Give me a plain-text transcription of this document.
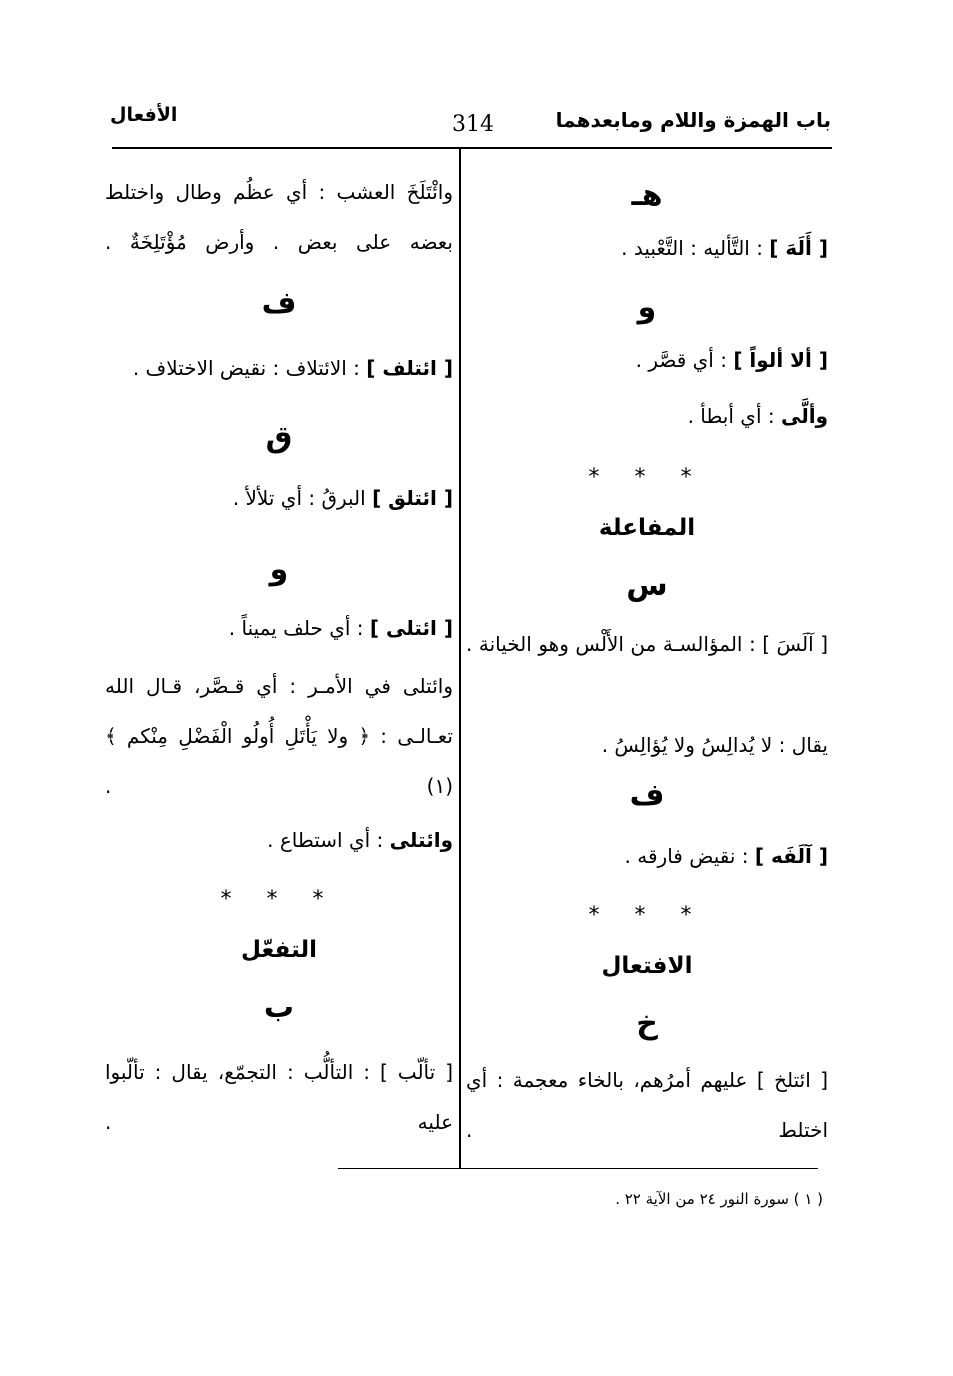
باب الهمزة واللام ومابعدهما
314
الأفعال
هـ
[ أَلَهَ ] : التَّأليه : التَّعْبيد .
و
[ ألا ألواً ] : أي قصَّر .
وألَّى : أي أبطأ .
* * *
المفاعلة
س
[ آلَسَ ] : المؤالسـة من الأَلْس وهو الخيانة .
يقال : لا يُدالِسُ ولا يُؤالِسُ .
ف
[ آلَفَه ] : نقيض فارقه .
* * *
الافتعال
خ
[ ائتلخ ] عليهم أمرُهم، بالخاء معجمة : أي اختلط .
وائْتَلَخَ العشب : أي عظُم وطال واختلط بعضه على بعض . وأرض مُؤْتَلِخَةٌ .
ف
[ ائتلف ] : الائتلاف : نقيض الاختلاف .
ق
[ ائتلق ] البرقُ : أي تلألأ .
و
[ ائتلى ] : أي حلف يميناً .
وائتلى في الأمـر : أي قـصَّر، قـال الله تعـالـى : ﴿ ولا يَأْتَلِ أُولُو الْفَضْلِ مِنْكم ﴾ (١) .
وائتلى : أي استطاع .
* * *
التفعّل
ب
[ تألّب ] : التألُّب : التجمّع، يقال : تألّبوا عليه .
( ١ ) سورة النور ٢٤ من الآية ٢٢ .
